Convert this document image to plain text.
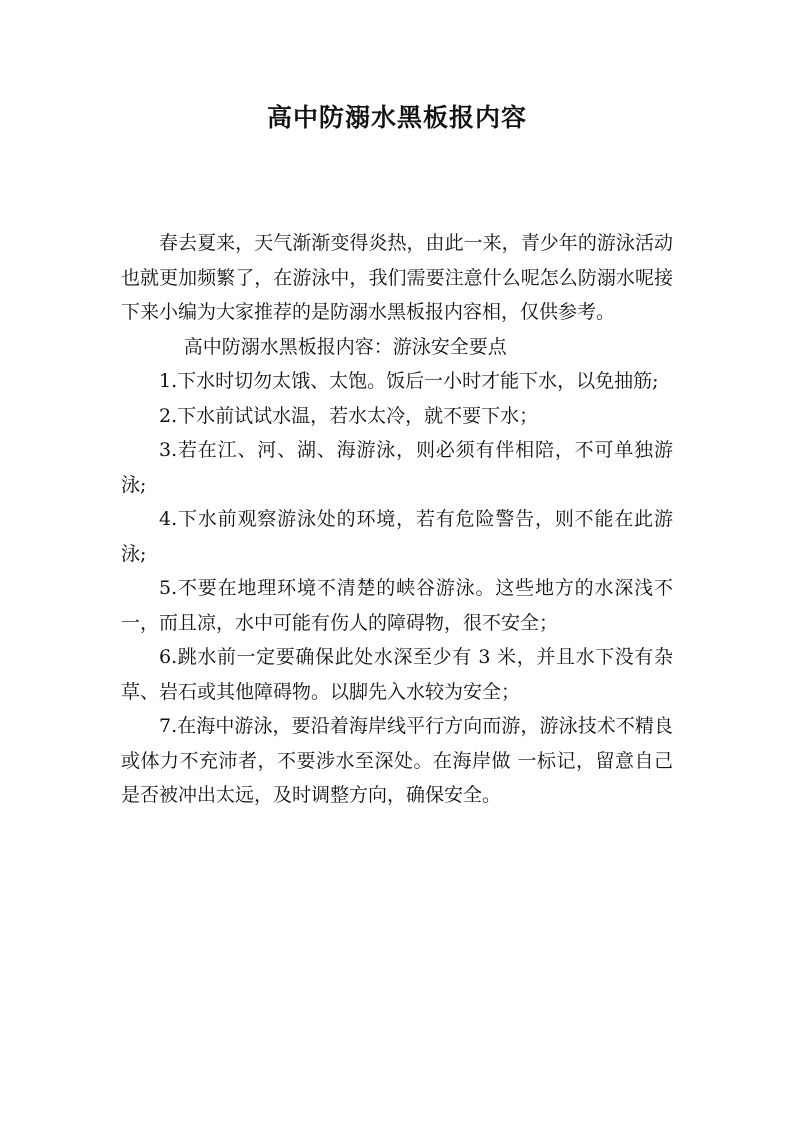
高中防溺水黑板报内容

春去夏来，天气渐渐变得炎热，由此一来，青少年的游泳活动也就更加频繁了，在游泳中，我们需要注意什么呢怎么防溺水呢接下来小编为大家推荐的是防溺水黑板报内容相，仅供参考。

高中防溺水黑板报内容：游泳安全要点

1.下水时切勿太饿、太饱。饭后一小时才能下水，以免抽筋;

2.下水前试试水温，若水太冷，就不要下水；

3.若在江、河、湖、海游泳，则必须有伴相陪，不可单独游泳;

4.下水前观察游泳处的环境，若有危险警告，则不能在此游泳;

5.不要在地理环境不清楚的峡谷游泳。这些地方的水深浅不一，而且凉，水中可能有伤人的障碍物，很不安全；

6.跳水前一定要确保此处水深至少有 3 米，并且水下没有杂草、岩石或其他障碍物。以脚先入水较为安全；

7.在海中游泳，要沿着海岸线平行方向而游，游泳技术不精良或体力不充沛者，不要涉水至深处。在海岸做 一标记，留意自己是否被冲出太远，及时调整方向，确保安全。
